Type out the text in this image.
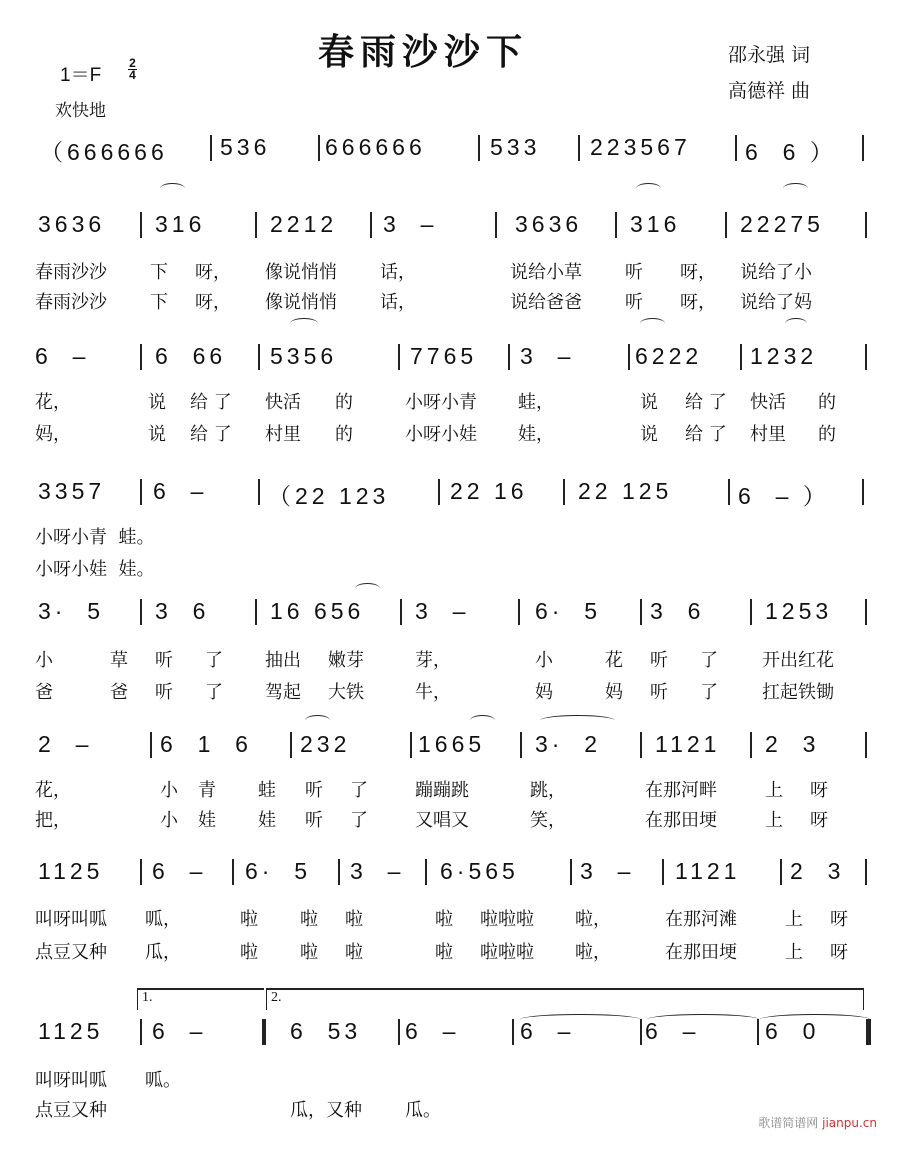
春雨沙沙下	邵永强 词
高德祥 曲
1＝F
2
4
欢快地
1.	2.
（666666 536 666666	533 223567 6  6 ）
3636 316	2212 3  –	3636 316	22275
春雨沙沙 下 呀， 像说悄悄 话，	说给小草 听 呀， 说给了小
春雨沙沙 下 呀， 像说悄悄 话，	说给爸爸 听 呀， 说给了妈
6  –	6  66 5356	7765 3  –	6222 1232
花，	说 给 了 快活 的	小呀小青 蛙，	说 给 了 快活 的
妈，	说 给 了 村里 的	小呀小娃 娃，	说 给 了 村里 的
3357 6  –	（22 123	22 16 22 125	6  – ）
小呀小青  蛙。
小呀小娃  娃。
3·  5 3  6	16 656 3  –	6·  5 3  6	1253
小	草 听 了 抽出 嫩芽	芽，	小	花 听 了 开出红花
爸	爸 听 了 驾起 大铁	牛，	妈	妈 听 了 扛起铁锄
2  –	6  1  6 232	1665 3·  2 1121 2  3
花，	小 青 蛙 听 了	蹦蹦跳	跳，	在那河畔	上 呀
把，	小 娃 娃 听 了	又唱又	笑，	在那田埂	上 呀
1125 6  – 6·  5 3  – 6·565	3  – 1121 2  3
叫呀叫呱 呱，	啦 啦 啦	啦 啦啦啦 啦，	在那河滩	上 呀
点豆又种 瓜，	啦 啦 啦	啦 啦啦啦 啦，	在那田埂	上 呀
1125 6  –	6  53 6  –	6  –	6  –	6  0
叫呀叫呱 呱。
点豆又种	瓜，又种 瓜。
歌谱简谱网 jianpu.cn
